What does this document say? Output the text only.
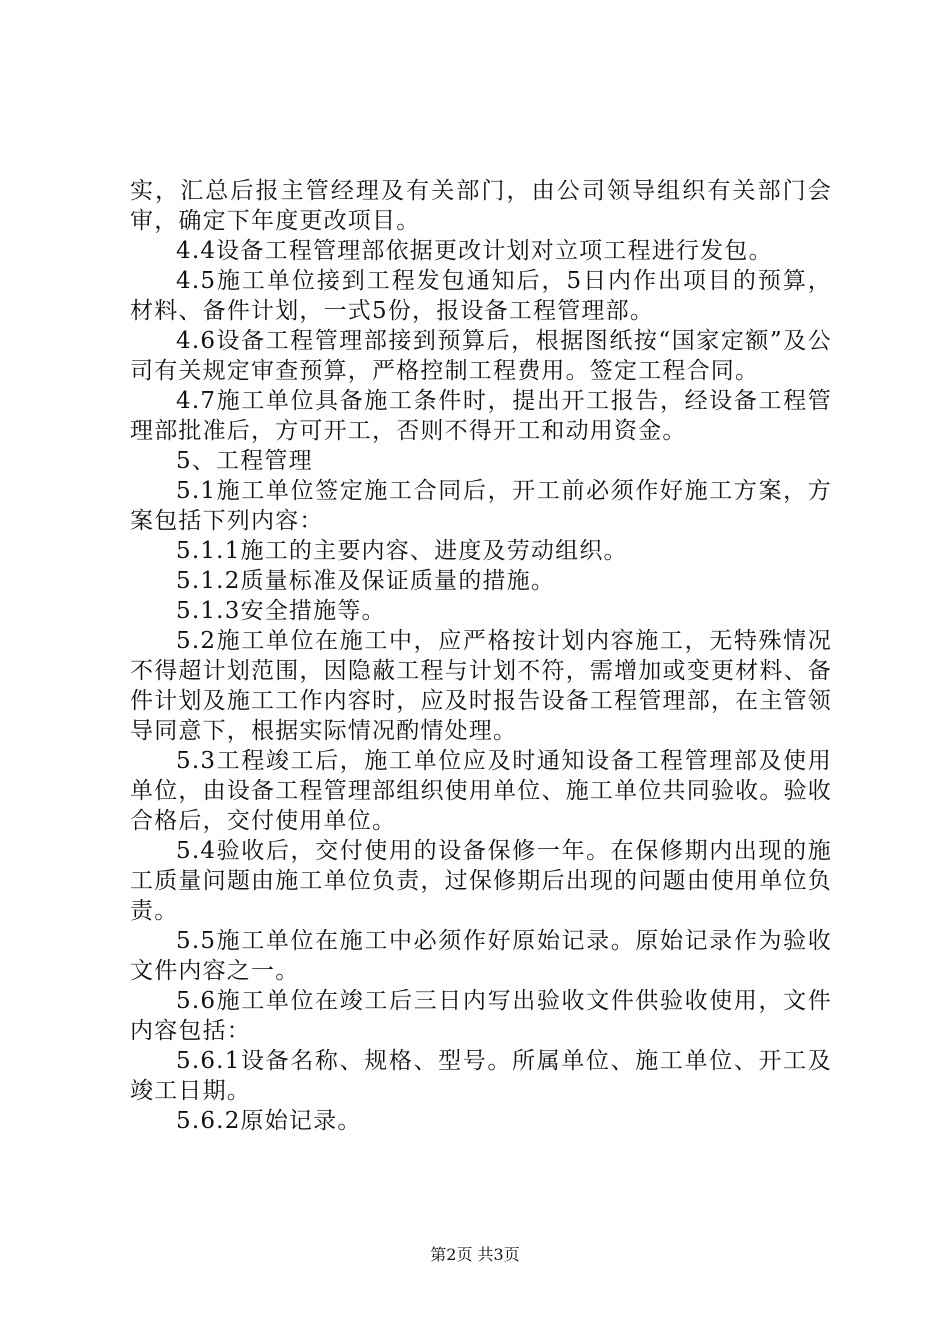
实，汇总后报主管经理及有关部门，由公司领导组织有关部门会审，确定下年度更改项目。

4.4设备工程管理部依据更改计划对立项工程进行发包。

4.5施工单位接到工程发包通知后，5日内作出项目的预算，材料、备件计划，一式5份，报设备工程管理部。

4.6设备工程管理部接到预算后，根据图纸按“国家定额”及公司有关规定审查预算，严格控制工程费用。签定工程合同。

4.7施工单位具备施工条件时，提出开工报告，经设备工程管理部批准后，方可开工，否则不得开工和动用资金。

5、工程管理

5.1施工单位签定施工合同后，开工前必须作好施工方案，方案包括下列内容：

5.1.1施工的主要内容、进度及劳动组织。

5.1.2质量标准及保证质量的措施。

5.1.3安全措施等。

5.2施工单位在施工中，应严格按计划内容施工，无特殊情况不得超计划范围，因隐蔽工程与计划不符，需增加或变更材料、备件计划及施工工作内容时，应及时报告设备工程管理部，在主管领导同意下，根据实际情况酌情处理。

5.3工程竣工后，施工单位应及时通知设备工程管理部及使用单位，由设备工程管理部组织使用单位、施工单位共同验收。验收合格后，交付使用单位。

5.4验收后，交付使用的设备保修一年。在保修期内出现的施工质量问题由施工单位负责，过保修期后出现的问题由使用单位负责。

5.5施工单位在施工中必须作好原始记录。原始记录作为验收文件内容之一。

5.6施工单位在竣工后三日内写出验收文件供验收使用，文件内容包括：

5.6.1设备名称、规格、型号。所属单位、施工单位、开工及竣工日期。

5.6.2原始记录。

第2页 共3页
